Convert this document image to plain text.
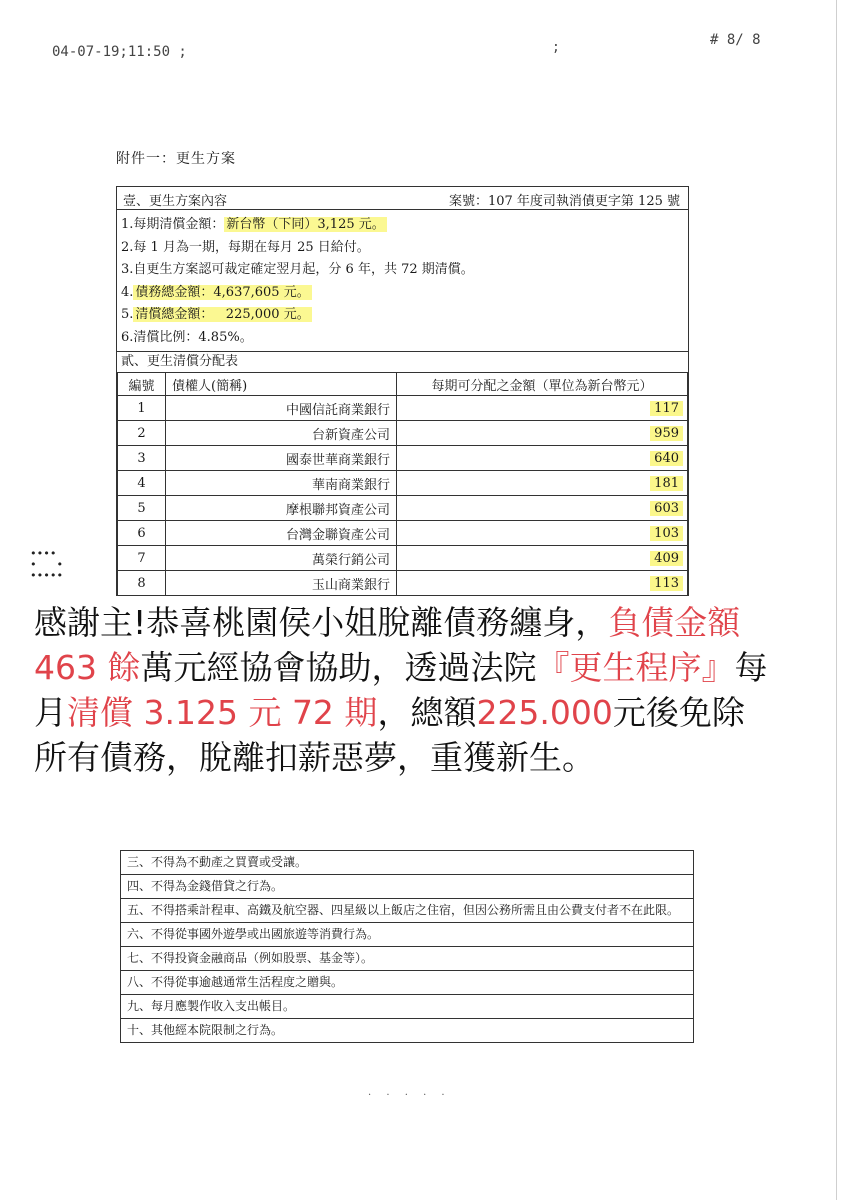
04-07-19;11:50 ;	;	# 8/ 8
附件一：更生方案
壹、更生方案內容	案號：107 年度司執消債更字第 125 號
1.每期清償金額： 新台幣（下同）3,125 元。
2.每 1 月為一期，每期在每月 25 日給付。
3.自更生方案認可裁定確定翌月起，分 6 年，共 72 期清償。
4. 債務總金額：4,637,605 元。
5. 清償總金額：   225,000 元。
6.清償比例：4.85%。
貳、更生清償分配表
編號	債權人(簡稱)	每期可分配之金額（單位為新台幣元）
1	中國信託商業銀行	117
2	台新資產公司	959
3	國泰世華商業銀行	640
4	華南商業銀行	181
5	摩根聯邦資產公司	603
6	台灣金聯資產公司	103
7	萬榮行銷公司	409
8	玉山商業銀行	113
••••
•   •
•••••
感謝主!恭喜桃園侯小姐脫離債務纏身，負債金額 463 餘萬元經協會協助，透過法院『更生程序』每月清償 3.125 元 72 期，總額225.000元後免除所有債務，脫離扣薪惡夢，重獲新生。
三、不得為不動產之買賣或受讓。
四、不得為金錢借貸之行為。
五、不得搭乘計程車、高鐵及航空器、四星級以上飯店之住宿，但因公務所需且由公費支付者不在此限。
六、不得從事國外遊學或出國旅遊等消費行為。
七、不得投資金融商品（例如股票、基金等）。
八、不得從事逾越通常生活程度之贈與。
九、每月應製作收入支出帳目。
十、其他經本院限制之行為。
. . . . .
